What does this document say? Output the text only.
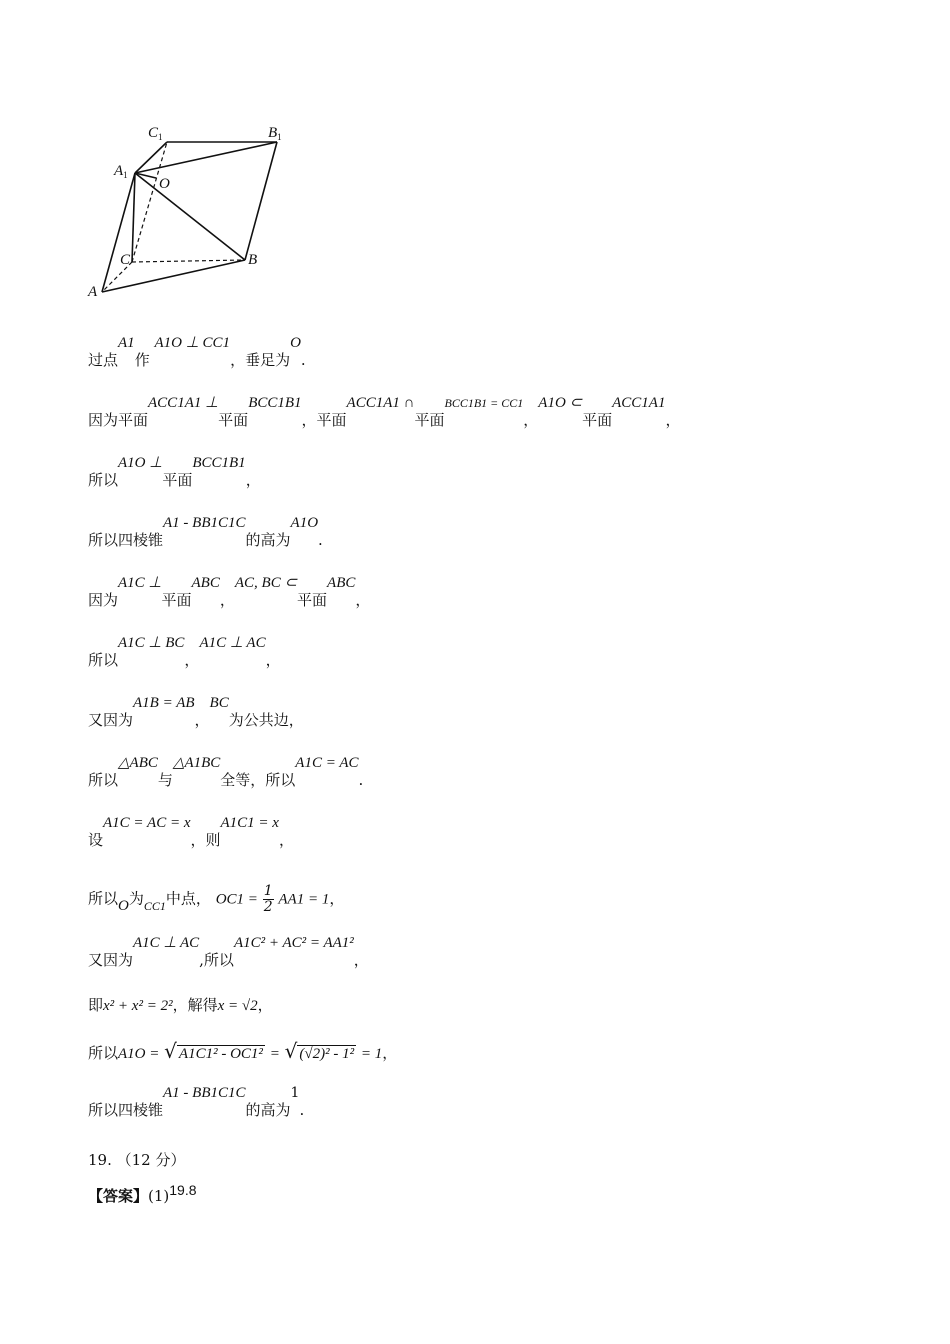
$C_1$	$B_1$
$A_1$
O
C	B
A
过点A1作 A1O ⊥ CC1，垂足为O.
因为平面ACC1A1 ⊥平面BCC1B1，平面ACC1A1 ∩平面$^{BCC1B1 = CC1}$，A1O ⊂平面ACC1A1，
所以A1O ⊥平面BCC1B1，
所以四棱锥A1 - BB1C1C的高为A1O.
因为A1C ⊥平面ABC，AC, BC ⊂平面ABC，
所以A1C ⊥ BC，A1C ⊥ AC，
又因为A1B = AB，BC为公共边，
所以△ABC与△A1BC全等，所以A1C = AC.
设A1C = AC = x，则A1C1 = x，
所以O为$_{CC1}$中点， $OC1 = \frac{1}{2} AA1 = 1$，
又因为A1C ⊥ AC,所以A1C² + AC² = AA1²，
即x² + x² = 2²，解得x = √2，
所以A1O = √ A1C1² - OC1² = √ (√2)² - 1² = 1，
所以四棱锥A1 - BB1C1C的高为1.
19. （12 分）
【答案】(1)19.8
